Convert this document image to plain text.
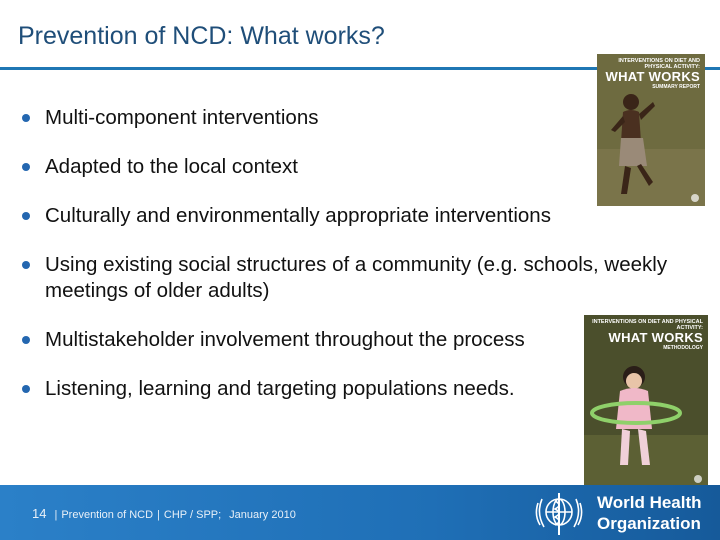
Prevention of NCD: What works?
Multi-component interventions
Adapted to the local context
Culturally and environmentally appropriate interventions
Using existing social structures of a community (e.g. schools, weekly meetings of older adults)
Multistakeholder involvement throughout the process
Listening, learning and targeting populations needs.
INTERVENTIONS ON DIET AND PHYSICAL ACTIVITY:
WHAT WORKS
SUMMARY REPORT
INTERVENTIONS ON DIET AND PHYSICAL ACTIVITY:
WHAT WORKS
METHODOLOGY
14 | Prevention of NCD | CHP / SPP; January 2010
World Health
Organization
